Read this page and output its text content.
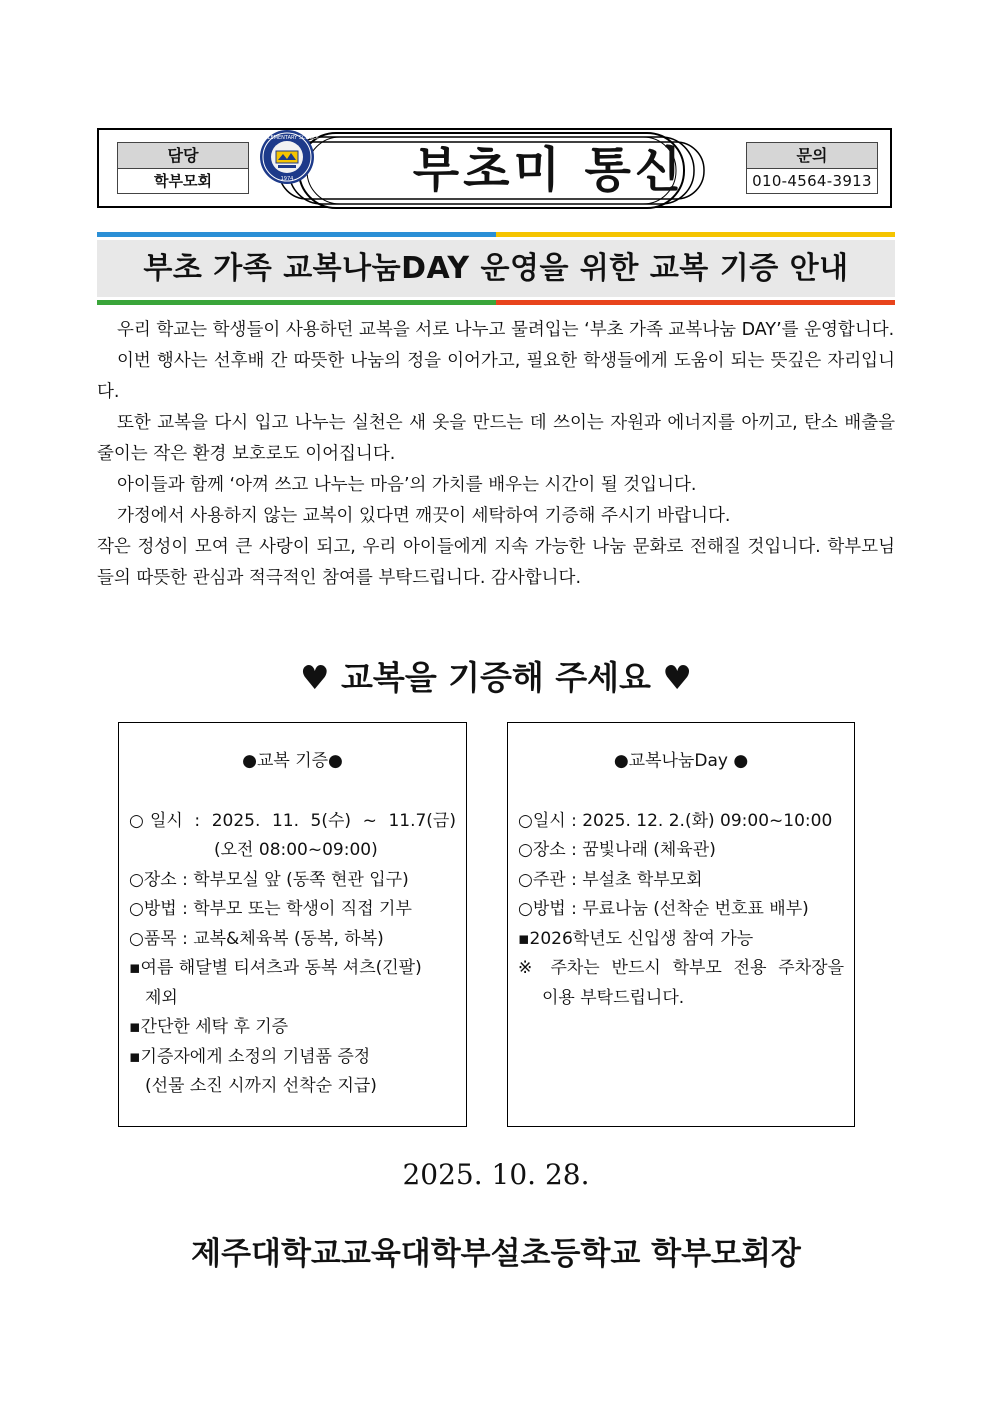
담당
학부모회
JNU ELEMENTARY SCHOOL
1974 부초미 통신	문의
010-4564-3913
부초 가족 교복나눔DAY 운영을 위한 교복 기증 안내

우리 학교는 학생들이 사용하던 교복을 서로 나누고 물려입는 ‘부초 가족 교복나눔 DAY’를 운영합니다.

이번 행사는 선후배 간 따뜻한 나눔의 정을 이어가고, 필요한 학생들에게 도움이 되는 뜻깊은 자리입니다.

또한 교복을 다시 입고 나누는 실천은 새 옷을 만드는 데 쓰이는 자원과 에너지를 아끼고, 탄소 배출을 줄이는 작은 환경 보호로도 이어집니다.

아이들과 함께 ‘아껴 쓰고 나누는 마음’의 가치를 배우는 시간이 될 것입니다.

가정에서 사용하지 않는 교복이 있다면 깨끗이 세탁하여 기증해 주시기 바랍니다.

작은 정성이 모여 큰 사랑이 되고, 우리 아이들에게 지속 가능한 나눔 문화로 전해질 것입니다. 학부모님들의 따뜻한 관심과 적극적인 참여를 부탁드립니다. 감사합니다.

♥ 교복을 기증해 주세요 ♥
●교복 기증●
○일시 : 2025. 11. 5(수) ~ 11.7(금)
(오전 08:00~09:00)
○장소 : 학부모실 앞 (동쪽 현관 입구)
○방법 : 학부모 또는 학생이 직접 기부
○품목 : 교복&체육복 (동복, 하복)
▪여름 해달별 티셔츠과 동복 셔츠(긴팔)
제외
▪간단한 세탁 후 기증
▪기증자에게 소정의 기념품 증정
(선물 소진 시까지 선착순 지급)
●교복나눔Day ●
○일시 : 2025. 12. 2.(화) 09:00~10:00
○장소 : 꿈빛나래 (체육관)
○주관 : 부설초 학부모회
○방법 : 무료나눔 (선착순 번호표 배부)
▪2026학년도 신입생 참여 가능
※ 주차는 반드시 학부모 전용 주차장을
이용 부탁드립니다.
2025. 10. 28.
제주대학교교육대학부설초등학교 학부모회장
